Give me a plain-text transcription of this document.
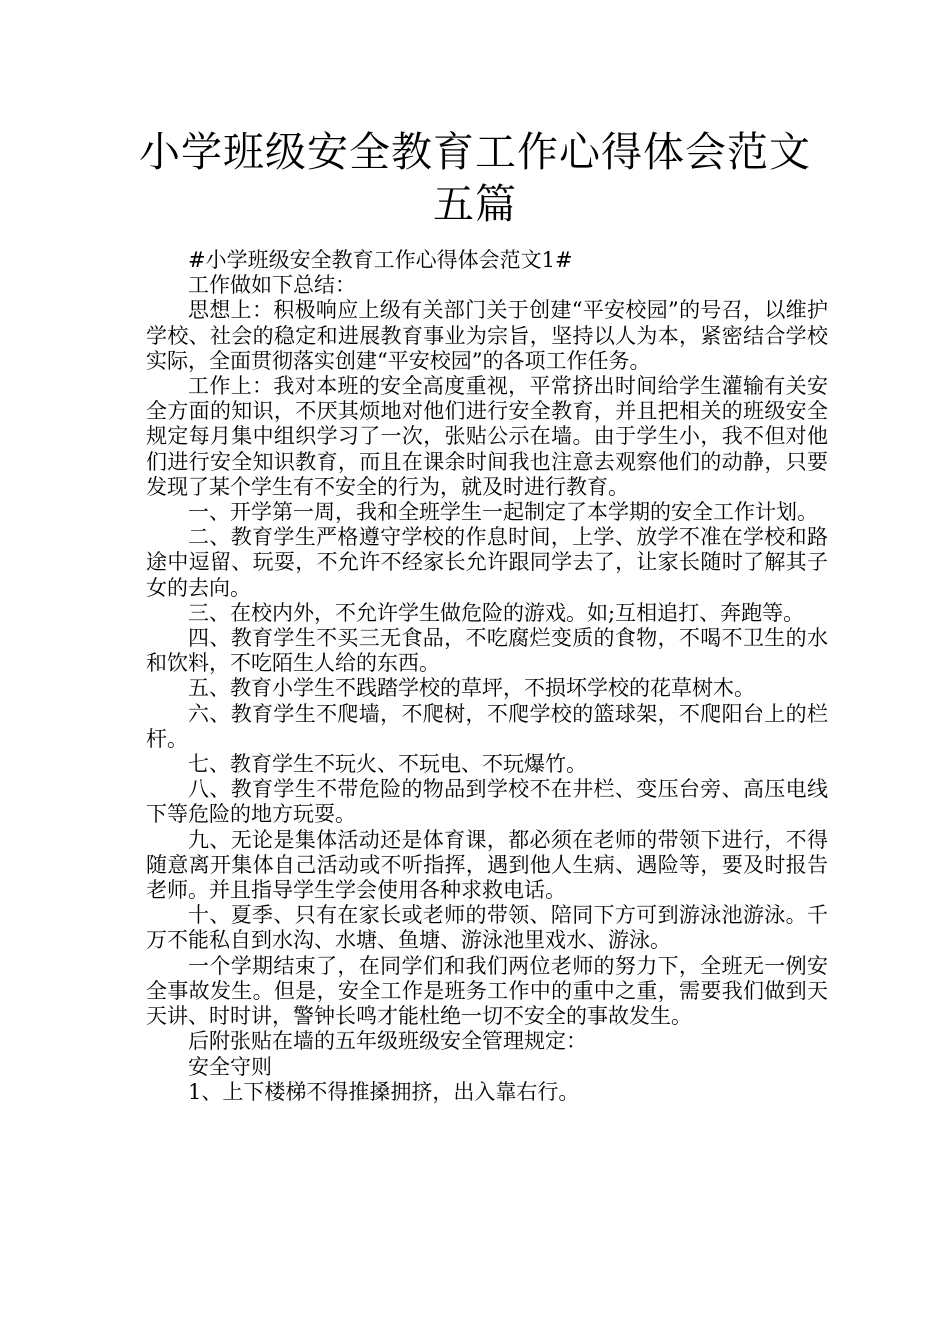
小学班级安全教育工作心得体会范文五篇

#小学班级安全教育工作心得体会范文1#

工作做如下总结：

思想上：积极响应上级有关部门关于创建“平安校园”的号召，以维护学校、社会的稳定和进展教育事业为宗旨，坚持以人为本，紧密结合学校实际，全面贯彻落实创建“平安校园”的各项工作任务。

工作上：我对本班的安全高度重视，平常挤出时间给学生灌输有关安全方面的知识，不厌其烦地对他们进行安全教育，并且把相关的班级安全规定每月集中组织学习了一次，张贴公示在墙。由于学生小，我不但对他们进行安全知识教育，而且在课余时间我也注意去观察他们的动静，只要发现了某个学生有不安全的行为，就及时进行教育。

一、开学第一周，我和全班学生一起制定了本学期的安全工作计划。

二、教育学生严格遵守学校的作息时间，上学、放学不准在学校和路途中逗留、玩耍，不允许不经家长允许跟同学去了，让家长随时了解其子女的去向。

三、在校内外，不允许学生做危险的游戏。如;互相追打、奔跑等。

四、教育学生不买三无食品，不吃腐烂变质的食物，不喝不卫生的水和饮料，不吃陌生人给的东西。

五、教育小学生不践踏学校的草坪，不损坏学校的花草树木。

六、教育学生不爬墙，不爬树，不爬学校的篮球架，不爬阳台上的栏杆。

七、教育学生不玩火、不玩电、不玩爆竹。

八、教育学生不带危险的物品到学校不在井栏、变压台旁、高压电线下等危险的地方玩耍。

九、无论是集体活动还是体育课，都必须在老师的带领下进行，不得随意离开集体自己活动或不听指挥，遇到他人生病、遇险等，要及时报告老师。并且指导学生学会使用各种求救电话。

十、夏季、只有在家长或老师的带领、陪同下方可到游泳池游泳。千万不能私自到水沟、水塘、鱼塘、游泳池里戏水、游泳。

一个学期结束了，在同学们和我们两位老师的努力下，全班无一例安全事故发生。但是，安全工作是班务工作中的重中之重，需要我们做到天天讲、时时讲，警钟长鸣才能杜绝一切不安全的事故发生。

后附张贴在墙的五年级班级安全管理规定：

安全守则

1、上下楼梯不得推搡拥挤，出入靠右行。
